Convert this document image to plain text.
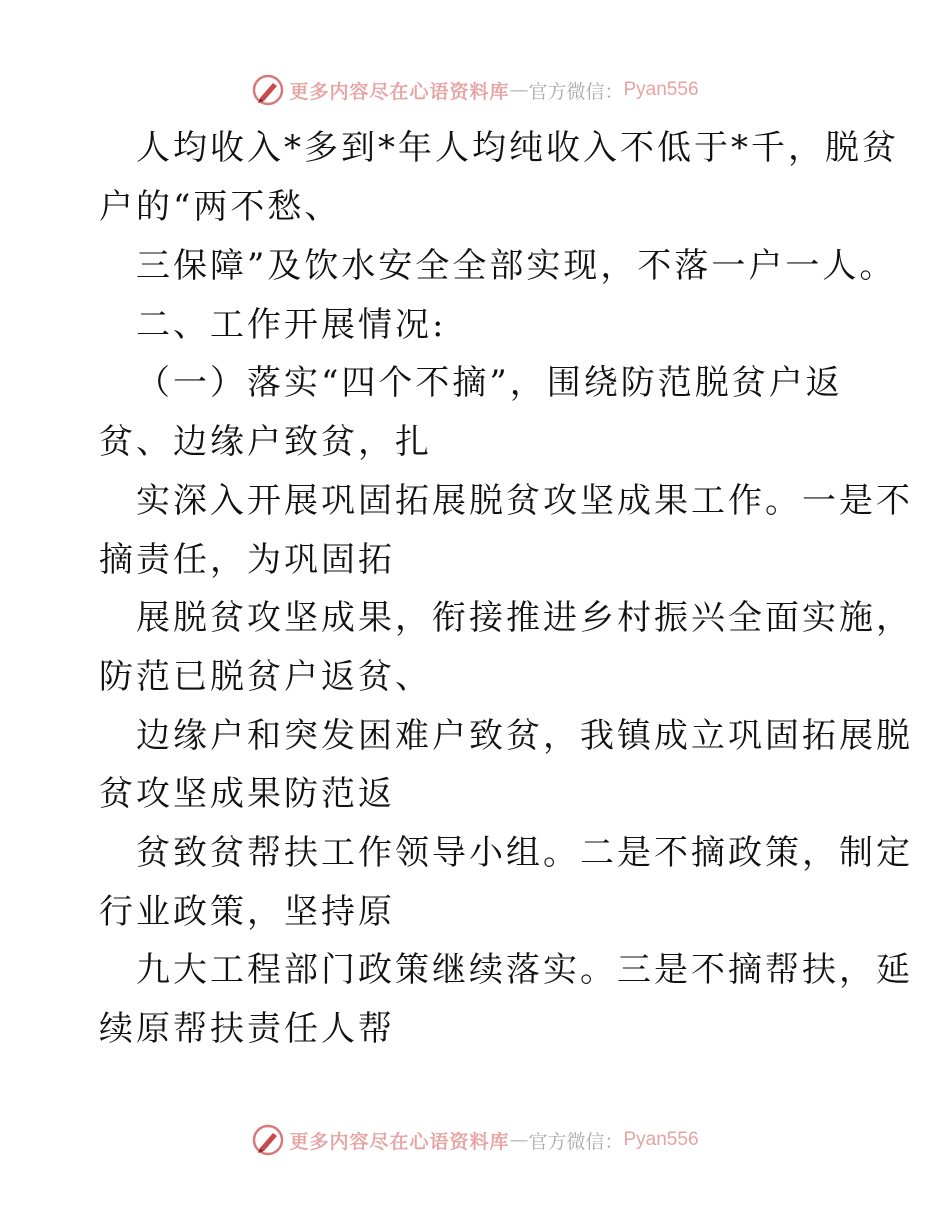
更多内容尽在心语资料库 — 官方微信： Pyan556
人均收入*多到*年人均纯收入不低于*千，脱贫
户的“两不愁、
三保障”及饮水安全全部实现，不落一户一人。
二、工作开展情况:
（一）落实“四个不摘”，围绕防范脱贫户返
贫、边缘户致贫，扎
实深入开展巩固拓展脱贫攻坚成果工作。一是不
摘责任，为巩固拓
展脱贫攻坚成果，衔接推进乡村振兴全面实施，
防范已脱贫户返贫、
边缘户和突发困难户致贫，我镇成立巩固拓展脱
贫攻坚成果防范返
贫致贫帮扶工作领导小组。二是不摘政策，制定
行业政策，坚持原
九大工程部门政策继续落实。三是不摘帮扶，延
续原帮扶责任人帮
更多内容尽在心语资料库 — 官方微信： Pyan556
